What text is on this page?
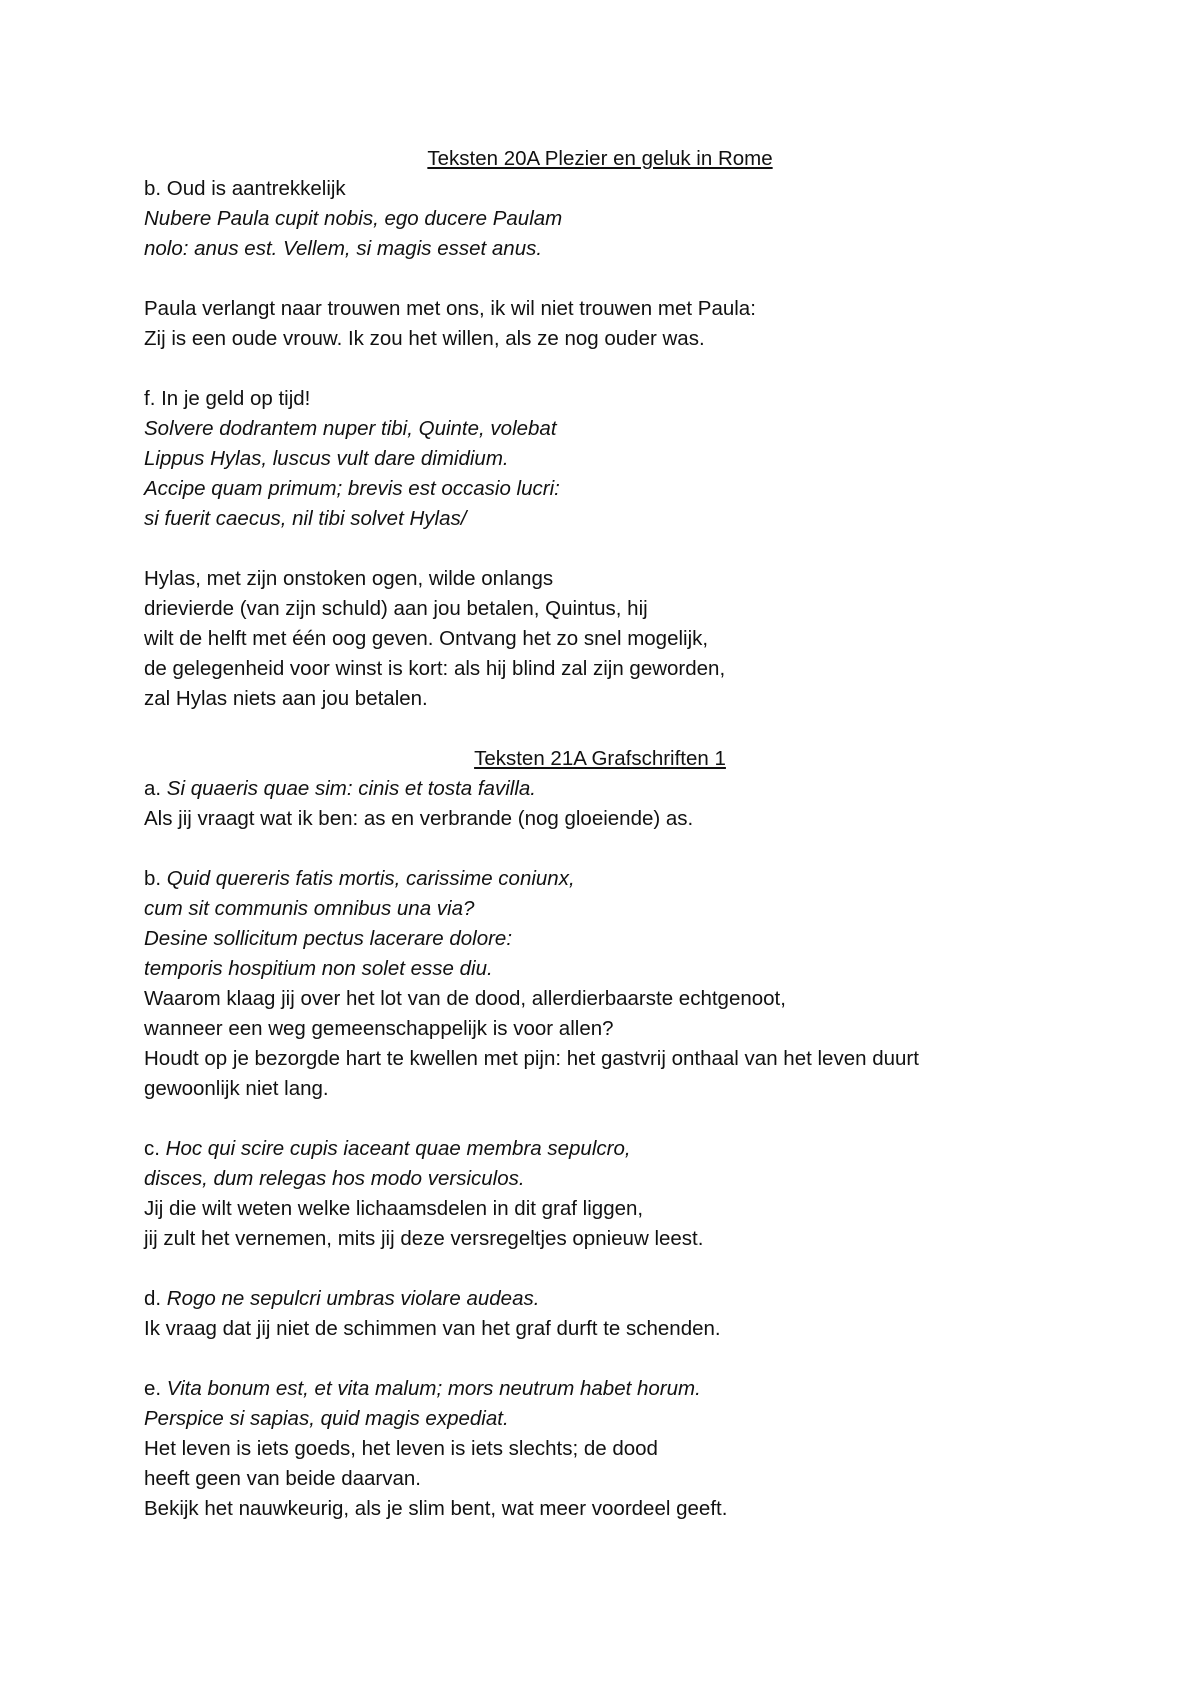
Teksten 20A Plezier en geluk in Rome
b. Oud is aantrekkelijk
Nubere Paula cupit nobis, ego ducere Paulam
nolo: anus est. Vellem, si magis esset anus.
Paula verlangt naar trouwen met ons, ik wil niet trouwen met Paula:
Zij is een oude vrouw. Ik zou het willen, als ze nog ouder was.
f. In je geld op tijd!
Solvere dodrantem nuper tibi, Quinte, volebat
Lippus Hylas, luscus vult dare dimidium.
Accipe quam primum; brevis est occasio lucri:
si fuerit caecus, nil tibi solvet Hylas/
Hylas, met zijn onstoken ogen, wilde onlangs
drievierde (van zijn schuld) aan jou betalen, Quintus, hij
wilt de helft met één oog geven. Ontvang het zo snel mogelijk,
de gelegenheid voor winst is kort: als hij blind zal zijn geworden,
zal Hylas niets aan jou betalen.
Teksten 21A Grafschriften 1
a. Si quaeris quae sim: cinis et tosta favilla.
Als jij vraagt wat ik ben: as en verbrande (nog gloeiende) as.
b. Quid quereris fatis mortis, carissime coniunx,
cum sit communis omnibus una via?
Desine sollicitum pectus lacerare dolore:
temporis hospitium non solet esse diu.
Waarom klaag jij over het lot van de dood, allerdierbaarste echtgenoot,
wanneer een weg gemeenschappelijk is voor allen?
Houdt op je bezorgde hart te kwellen met pijn: het gastvrij onthaal van het leven duurt
gewoonlijk niet lang.
c. Hoc qui scire cupis iaceant quae membra sepulcro,
disces, dum relegas hos modo versiculos.
Jij die wilt weten welke lichaamsdelen in dit graf liggen,
jij zult het vernemen, mits jij deze versregeltjes opnieuw leest.
d. Rogo ne sepulcri umbras violare audeas.
Ik vraag dat jij niet de schimmen van het graf durft te schenden.
e. Vita bonum est, et vita malum; mors neutrum habet horum.
Perspice si sapias, quid magis expediat.
Het leven is iets goeds, het leven is iets slechts; de dood
heeft geen van beide daarvan.
Bekijk het nauwkeurig, als je slim bent, wat meer voordeel geeft.
